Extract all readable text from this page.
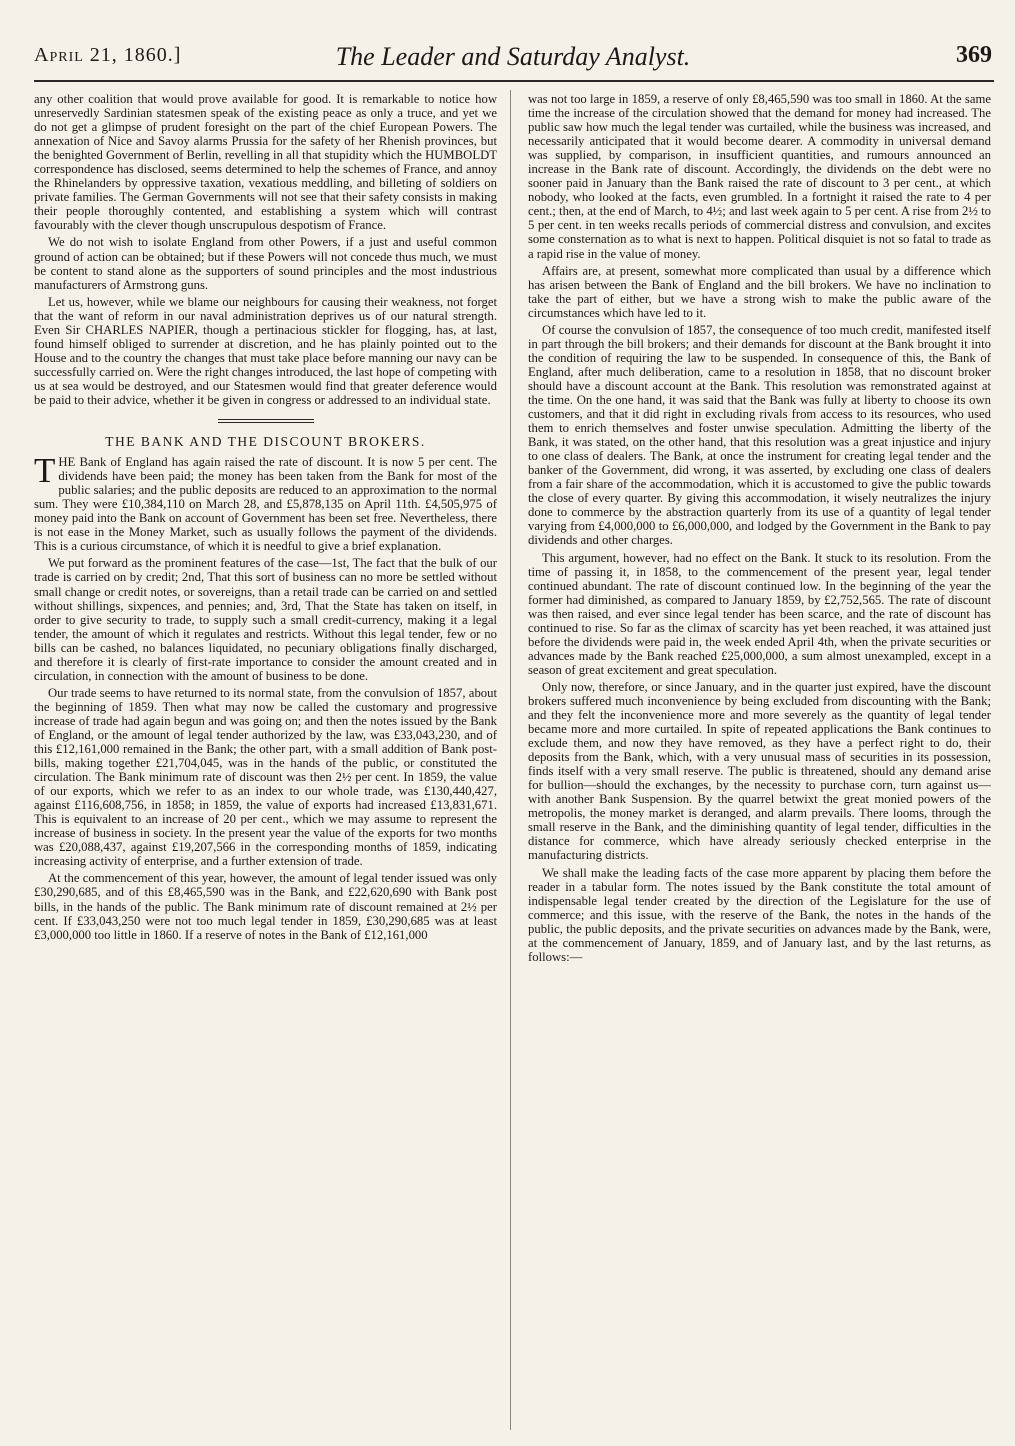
April 21, 1860.]	The Leader and Saturday Analyst.	369

any other coalition that would prove available for good. It is remarkable to notice how unreservedly Sardinian statesmen speak of the existing peace as only a truce, and yet we do not get a glimpse of prudent foresight on the part of the chief European Powers. The annexation of Nice and Savoy alarms Prussia for the safety of her Rhenish provinces, but the benighted Government of Berlin, revelling in all that stupidity which the HUMBOLDT correspondence has disclosed, seems determined to help the schemes of France, and annoy the Rhinelanders by oppressive taxation, vexatious meddling, and billeting of soldiers on private families. The German Governments will not see that their safety consists in making their people thoroughly contented, and establishing a system which will contrast favourably with the clever though unscrupulous despotism of France.

We do not wish to isolate England from other Powers, if a just and useful common ground of action can be obtained; but if these Powers will not concede thus much, we must be content to stand alone as the supporters of sound principles and the most industrious manufacturers of Armstrong guns.

Let us, however, while we blame our neighbours for causing their weakness, not forget that the want of reform in our naval administration deprives us of our natural strength. Even Sir CHARLES NAPIER, though a pertinacious stickler for flogging, has, at last, found himself obliged to surrender at discretion, and he has plainly pointed out to the House and to the country the changes that must take place before manning our navy can be successfully carried on. Were the right changes introduced, the last hope of competing with us at sea would be destroyed, and our Statesmen would find that greater deference would be paid to their advice, whether it be given in congress or addressed to an individual state.

THE BANK AND THE DISCOUNT BROKERS.

THE Bank of England has again raised the rate of discount. It is now 5 per cent. The dividends have been paid; the money has been taken from the Bank for most of the public salaries; and the public deposits are reduced to an approximation to the normal sum. They were £10,384,110 on March 28, and £5,878,135 on April 11th. £4,505,975 of money paid into the Bank on account of Government has been set free. Nevertheless, there is not ease in the Money Market, such as usually follows the payment of the dividends. This is a curious circumstance, of which it is needful to give a brief explanation.

We put forward as the prominent features of the case—1st, The fact that the bulk of our trade is carried on by credit; 2nd, That this sort of business can no more be settled without small change or credit notes, or sovereigns, than a retail trade can be carried on and settled without shillings, sixpences, and pennies; and, 3rd, That the State has taken on itself, in order to give security to trade, to supply such a small credit-currency, making it a legal tender, the amount of which it regulates and restricts. Without this legal tender, few or no bills can be cashed, no balances liquidated, no pecuniary obligations finally discharged, and therefore it is clearly of first-rate importance to consider the amount created and in circulation, in connection with the amount of business to be done.

Our trade seems to have returned to its normal state, from the convulsion of 1857, about the beginning of 1859. Then what may now be called the customary and progressive increase of trade had again begun and was going on; and then the notes issued by the Bank of England, or the amount of legal tender authorized by the law, was £33,043,230, and of this £12,161,000 remained in the Bank; the other part, with a small addition of Bank post-bills, making together £21,704,045, was in the hands of the public, or constituted the circulation. The Bank minimum rate of discount was then 2½ per cent. In 1859, the value of our exports, which we refer to as an index to our whole trade, was £130,440,427, against £116,608,756, in 1858; in 1859, the value of exports had increased £13,831,671. This is equivalent to an increase of 20 per cent., which we may assume to represent the increase of business in society. In the present year the value of the exports for two months was £20,088,437, against £19,207,566 in the corresponding months of 1859, indicating increasing activity of enterprise, and a further extension of trade.

At the commencement of this year, however, the amount of legal tender issued was only £30,290,685, and of this £8,465,590 was in the Bank, and £22,620,690 with Bank post bills, in the hands of the public. The Bank minimum rate of discount remained at 2½ per cent. If £33,043,250 were not too much legal tender in 1859, £30,290,685 was at least £3,000,000 too little in 1860. If a reserve of notes in the Bank of £12,161,000

was not too large in 1859, a reserve of only £8,465,590 was too small in 1860. At the same time the increase of the circulation showed that the demand for money had increased. The public saw how much the legal tender was curtailed, while the business was increased, and necessarily anticipated that it would become dearer. A commodity in universal demand was supplied, by comparison, in insufficient quantities, and rumours announced an increase in the Bank rate of discount. Accordingly, the dividends on the debt were no sooner paid in January than the Bank raised the rate of discount to 3 per cent., at which nobody, who looked at the facts, even grumbled. In a fortnight it raised the rate to 4 per cent.; then, at the end of March, to 4½; and last week again to 5 per cent. A rise from 2½ to 5 per cent. in ten weeks recalls periods of commercial distress and convulsion, and excites some consternation as to what is next to happen. Political disquiet is not so fatal to trade as a rapid rise in the value of money.

Affairs are, at present, somewhat more complicated than usual by a difference which has arisen between the Bank of England and the bill brokers. We have no inclination to take the part of either, but we have a strong wish to make the public aware of the circumstances which have led to it.

Of course the convulsion of 1857, the consequence of too much credit, manifested itself in part through the bill brokers; and their demands for discount at the Bank brought it into the condition of requiring the law to be suspended. In consequence of this, the Bank of England, after much deliberation, came to a resolution in 1858, that no discount broker should have a discount account at the Bank. This resolution was remonstrated against at the time. On the one hand, it was said that the Bank was fully at liberty to choose its own customers, and that it did right in excluding rivals from access to its resources, who used them to enrich themselves and foster unwise speculation. Admitting the liberty of the Bank, it was stated, on the other hand, that this resolution was a great injustice and injury to one class of dealers. The Bank, at once the instrument for creating legal tender and the banker of the Government, did wrong, it was asserted, by excluding one class of dealers from a fair share of the accommodation, which it is accustomed to give the public towards the close of every quarter. By giving this accommodation, it wisely neutralizes the injury done to commerce by the abstraction quarterly from its use of a quantity of legal tender varying from £4,000,000 to £6,000,000, and lodged by the Government in the Bank to pay dividends and other charges.

This argument, however, had no effect on the Bank. It stuck to its resolution. From the time of passing it, in 1858, to the commencement of the present year, legal tender continued abundant. The rate of discount continued low. In the beginning of the year the former had diminished, as compared to January 1859, by £2,752,565. The rate of discount was then raised, and ever since legal tender has been scarce, and the rate of discount has continued to rise. So far as the climax of scarcity has yet been reached, it was attained just before the dividends were paid in, the week ended April 4th, when the private securities or advances made by the Bank reached £25,000,000, a sum almost unexampled, except in a season of great excitement and great speculation.

Only now, therefore, or since January, and in the quarter just expired, have the discount brokers suffered much inconvenience by being excluded from discounting with the Bank; and they felt the inconvenience more and more severely as the quantity of legal tender became more and more curtailed. In spite of repeated applications the Bank continues to exclude them, and now they have removed, as they have a perfect right to do, their deposits from the Bank, which, with a very unusual mass of securities in its possession, finds itself with a very small reserve. The public is threatened, should any demand arise for bullion—should the exchanges, by the necessity to purchase corn, turn against us—with another Bank Suspension. By the quarrel betwixt the great monied powers of the metropolis, the money market is deranged, and alarm prevails. There looms, through the small reserve in the Bank, and the diminishing quantity of legal tender, difficulties in the distance for commerce, which have already seriously checked enterprise in the manufacturing districts.

We shall make the leading facts of the case more apparent by placing them before the reader in a tabular form. The notes issued by the Bank constitute the total amount of indispensable legal tender created by the direction of the Legislature for the use of commerce; and this issue, with the reserve of the Bank, the notes in the hands of the public, the public deposits, and the private securities on advances made by the Bank, were, at the commencement of January, 1859, and of January last, and by the last returns, as follows:—
